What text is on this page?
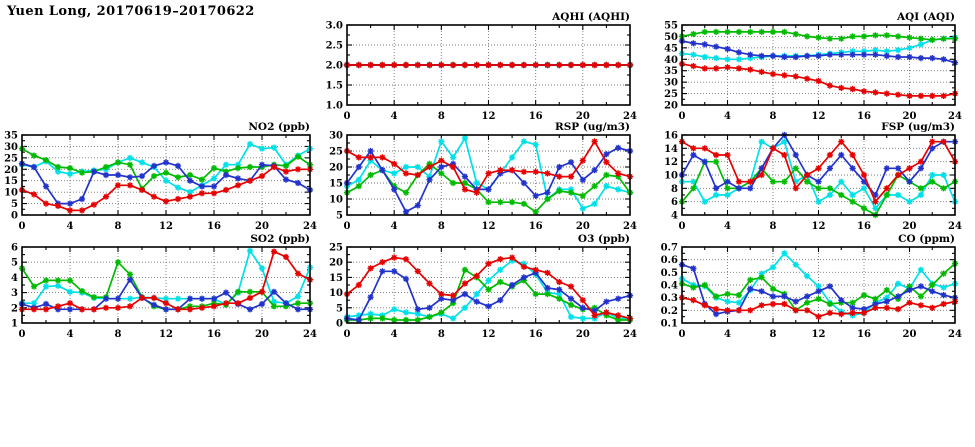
Yuen Long, 20170619–20170622
1.0
1.5
2.0
2.5
3.0
0	4	8	12	16	20	24
AQHI (AQHI)
20
25
30
35
40
45
50
55
0	4	8	12	16	20	24
AQI (AQI)
0
5
10
15
20
25
30
35
0	4	8	12	16	20	24
NO2 (ppb)
5
10
15
20
25
30
0	4	8	12	16	20	24
RSP (ug/m3)
4
6
8
10
12
14
16
0	4	8	12	16	20	24
FSP (ug/m3)
1
2
3
4
5
6
0	4	8	12	16	20	24
SO2 (ppb)
0
5
10
15
20
25
0	4	8	12	16	20	24
O3 (ppb)
0.1
0.2
0.3
0.4
0.5
0.6
0.7
0	4	8	12	16	20	24
CO (ppm)
